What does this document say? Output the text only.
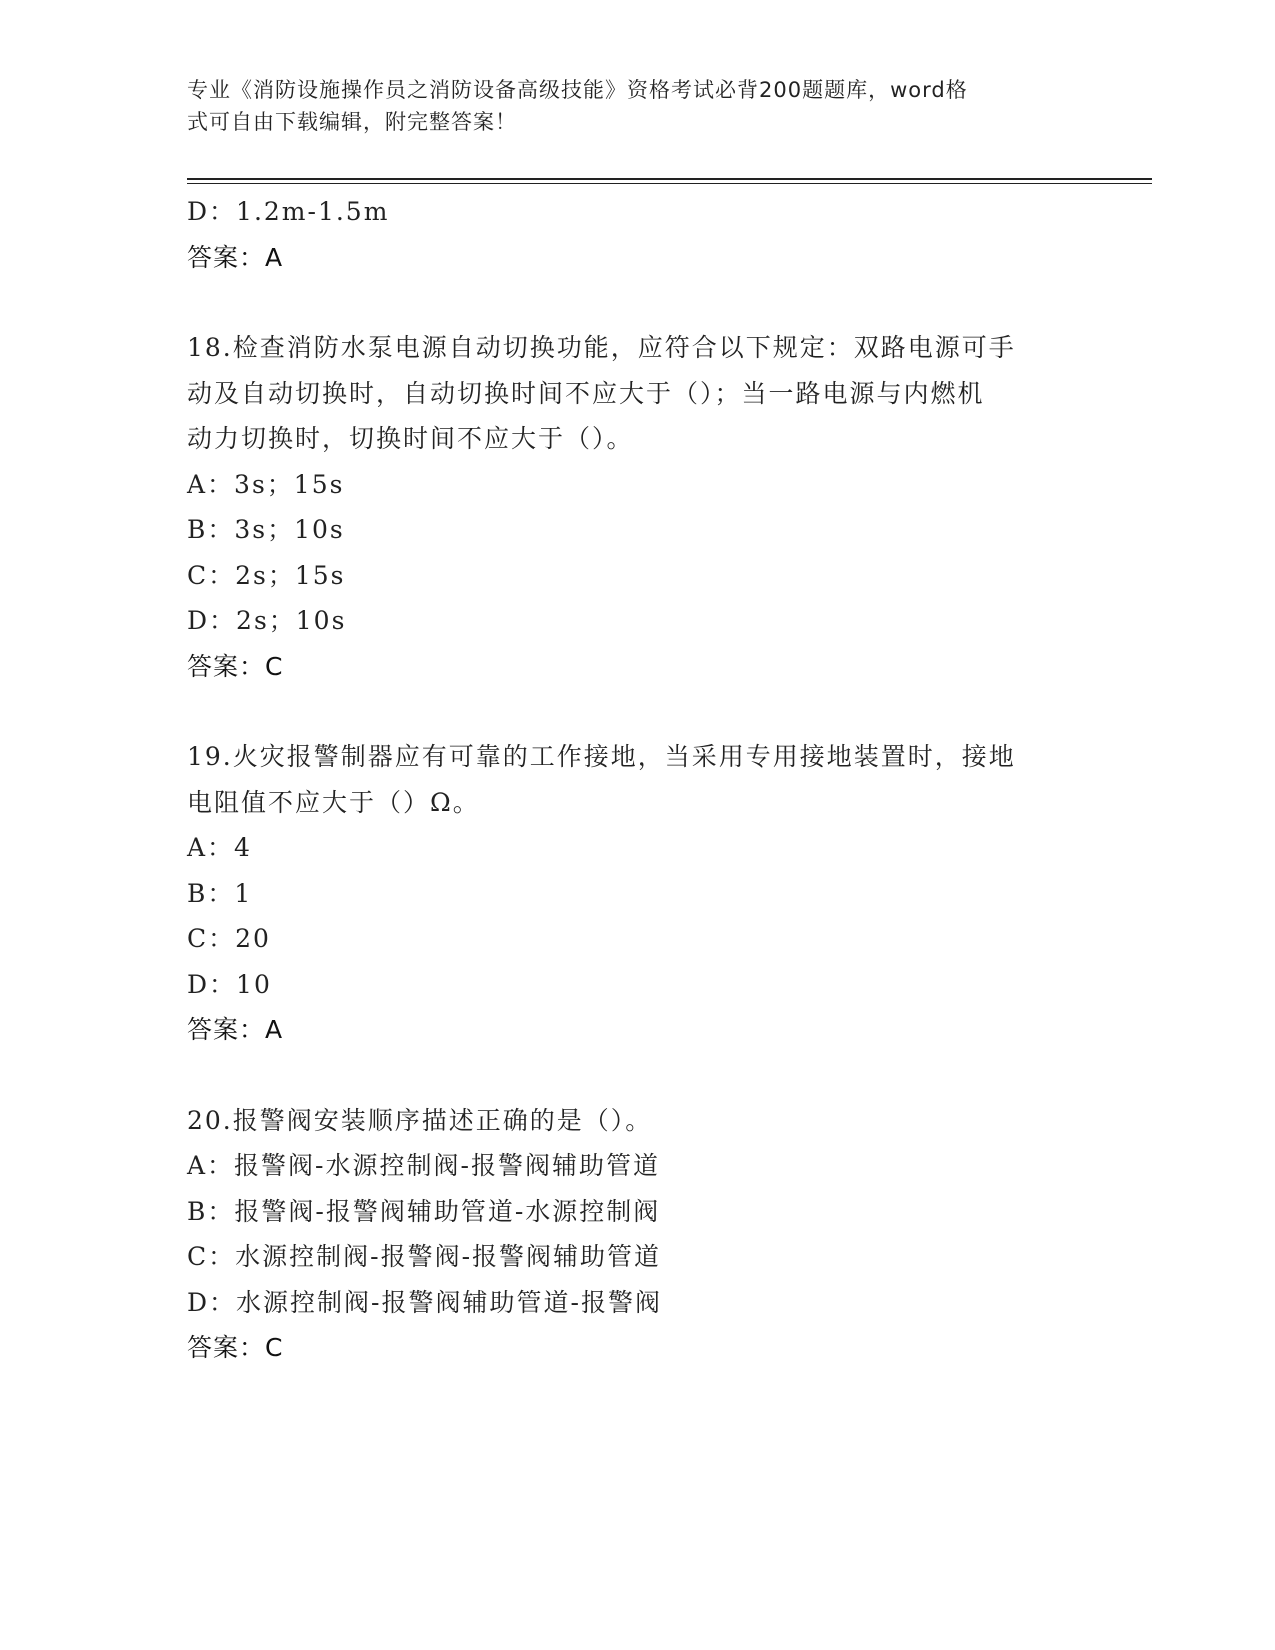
专业《消防设施操作员之消防设备高级技能》资格考试必背200题题库，word格
式可自由下载编辑，附完整答案！
D：1.2m-1.5m
答案：A
18.检查消防水泵电源自动切换功能，应符合以下规定：双路电源可手
动及自动切换时，自动切换时间不应大于（）；当一路电源与内燃机
动力切换时，切换时间不应大于（）。
A：3s；15s
B：3s；10s
C：2s；15s
D：2s；10s
答案：C
19.火灾报警制器应有可靠的工作接地，当采用专用接地装置时，接地
电阻值不应大于（）Ω。
A：4
B：1
C：20
D：10
答案：A
20.报警阀安装顺序描述正确的是（）。
A：报警阀-水源控制阀-报警阀辅助管道
B：报警阀-报警阀辅助管道-水源控制阀
C：水源控制阀-报警阀-报警阀辅助管道
D：水源控制阀-报警阀辅助管道-报警阀
答案：C
